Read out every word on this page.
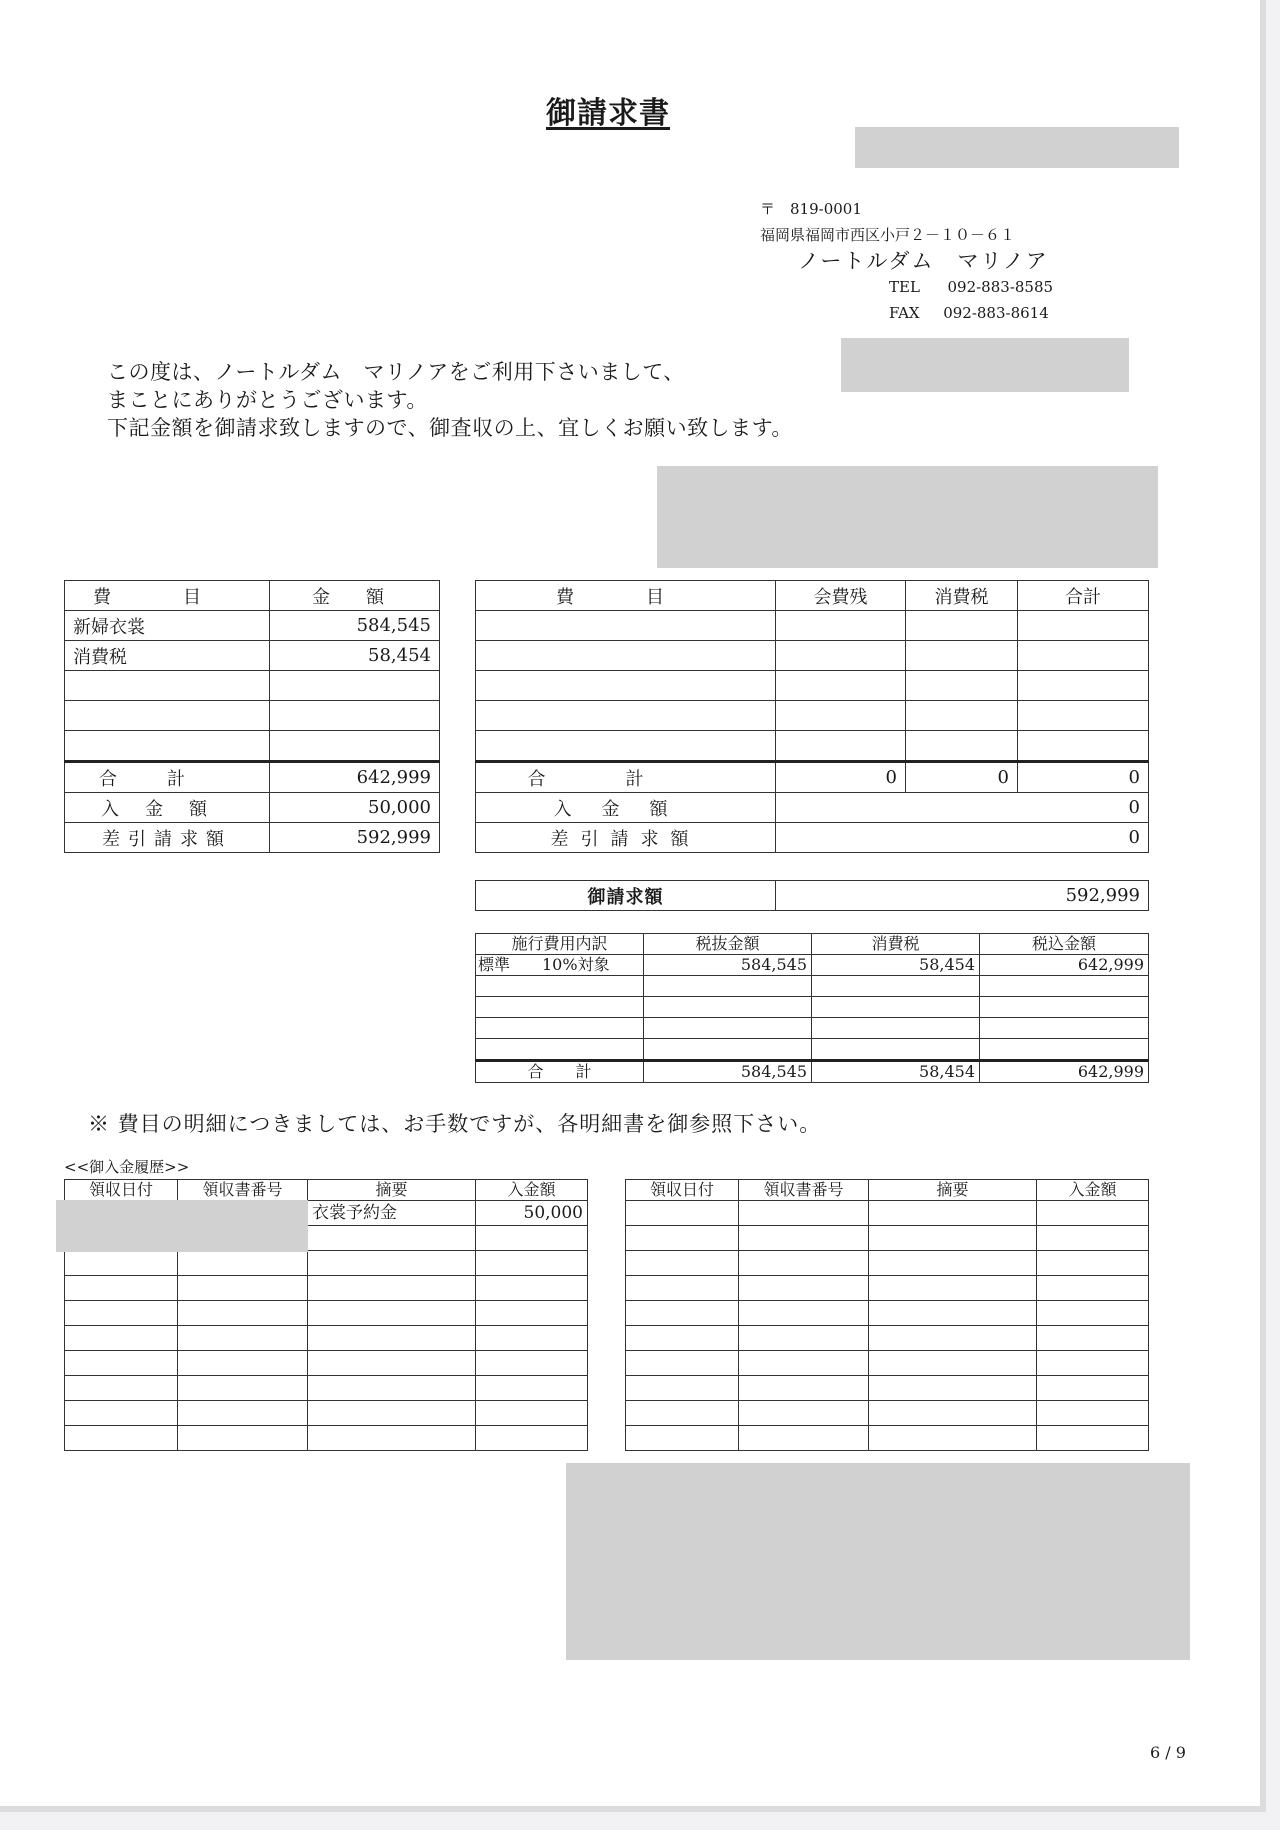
御請求書
〒　819-0001
福岡県福岡市西区小戸２－１０－６１
ノートルダム　マリノア
TEL 092-883-8585
FAX 092-883-8614
この度は、ノートルダム　マリノアをご利用下さいまして、
まことにありがとうございます。
下記金額を御請求致しますので、御査収の上、宜しくお願い致します。
費　　　　目	金　　額
新婦衣裳	584,545
消費税	58,454

合計	642,999
入金額	50,000
差引請求額	592,999
費　　　　目	会費残	消費税	合計

合計	0	0	0
入金額	0		
差引請求額	0		
御請求額	592,999
施行費用内訳	税抜金額	消費税	税込金額
標準　　10%対象	584,545	58,454	642,999

合　　計	584,545	58,454	642,999
※ 費目の明細につきましては、お手数ですが、各明細書を御参照下さい。
<<御入金履歴>>
領収日付	領収書番号	摘要	入金額
		衣裳予約金	50,000

領収日付	領収書番号	摘要	入金額

6 / 9
